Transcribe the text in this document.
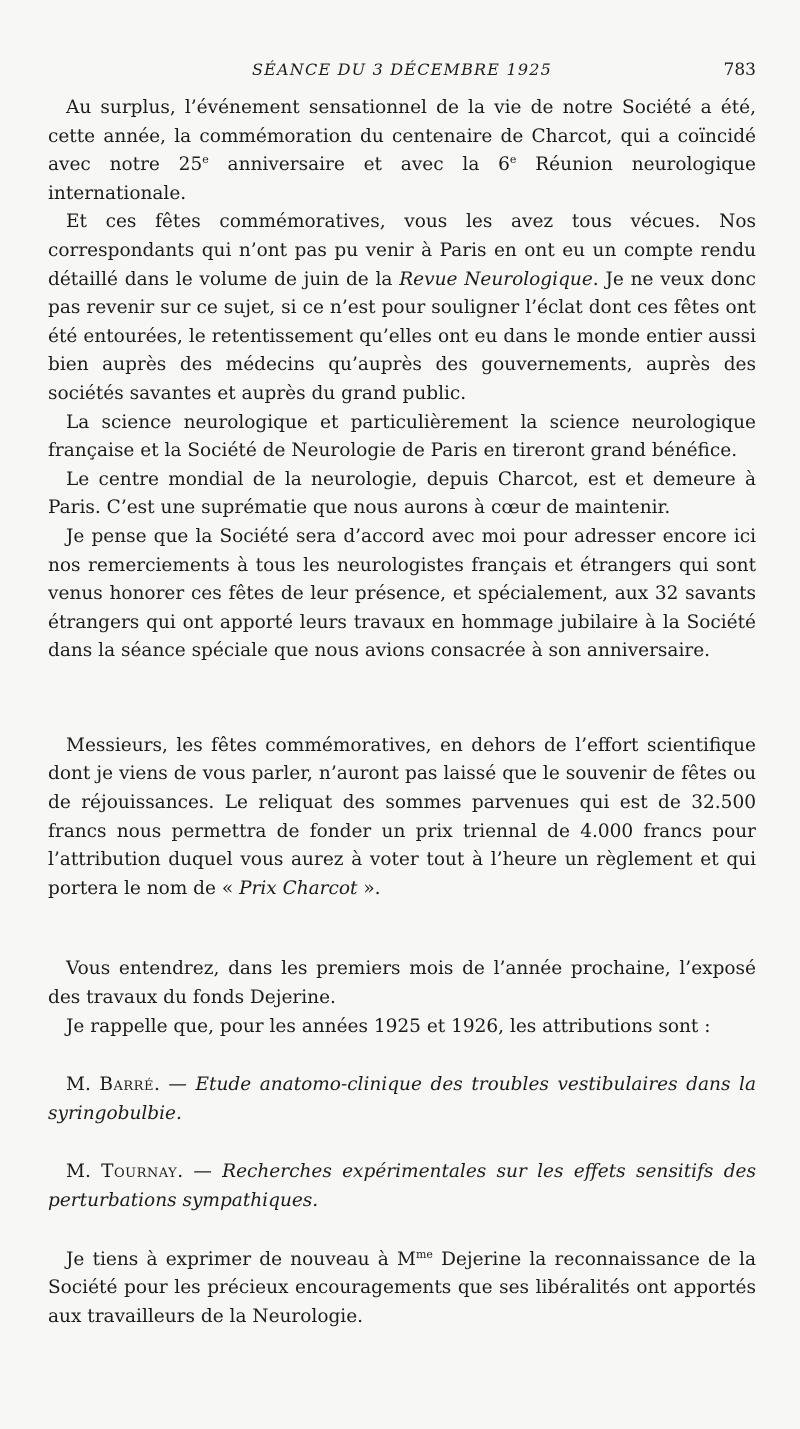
SÉANCE DU 3 DÉCEMBRE 1925	783

Au surplus, l’événement sensationnel de la vie de notre Société a été, cette année, la commémoration du centenaire de Charcot, qui a coïncidé avec notre 25e anniversaire et avec la 6e Réunion neurologique internationale.

Et ces fêtes commémoratives, vous les avez tous vécues. Nos correspondants qui n’ont pas pu venir à Paris en ont eu un compte rendu détaillé dans le volume de juin de la Revue Neurologique. Je ne veux donc pas revenir sur ce sujet, si ce n’est pour souligner l’éclat dont ces fêtes ont été entourées, le retentissement qu’elles ont eu dans le monde entier aussi bien auprès des médecins qu’auprès des gouvernements, auprès des sociétés savantes et auprès du grand public.

La science neurologique et particulièrement la science neurologique française et la Société de Neurologie de Paris en tireront grand bénéfice.

Le centre mondial de la neurologie, depuis Charcot, est et demeure à Paris. C’est une suprématie que nous aurons à cœur de maintenir.

Je pense que la Société sera d’accord avec moi pour adresser encore ici nos remerciements à tous les neurologistes français et étrangers qui sont venus honorer ces fêtes de leur présence, et spécialement, aux 32 savants étrangers qui ont apporté leurs travaux en hommage jubilaire à la Société dans la séance spéciale que nous avions consacrée à son anniversaire.

Messieurs, les fêtes commémoratives, en dehors de l’effort scientifique dont je viens de vous parler, n’auront pas laissé que le souvenir de fêtes ou de réjouissances. Le reliquat des sommes parvenues qui est de 32.500 francs nous permettra de fonder un prix triennal de 4.000 francs pour l’attribution duquel vous aurez à voter tout à l’heure un règlement et qui portera le nom de « Prix Charcot ».

Vous entendrez, dans les premiers mois de l’année prochaine, l’exposé des travaux du fonds Dejerine.

Je rappelle que, pour les années 1925 et 1926, les attributions sont :

M. Barré. — Etude anatomo-clinique des troubles vestibulaires dans la syringobulbie.

M. Tournay. — Recherches expérimentales sur les effets sensitifs des perturbations sympathiques.

Je tiens à exprimer de nouveau à $M^{me}$ Dejerine la reconnaissance de la Société pour les précieux encouragements que ses libéralités ont apportés aux travailleurs de la Neurologie.
